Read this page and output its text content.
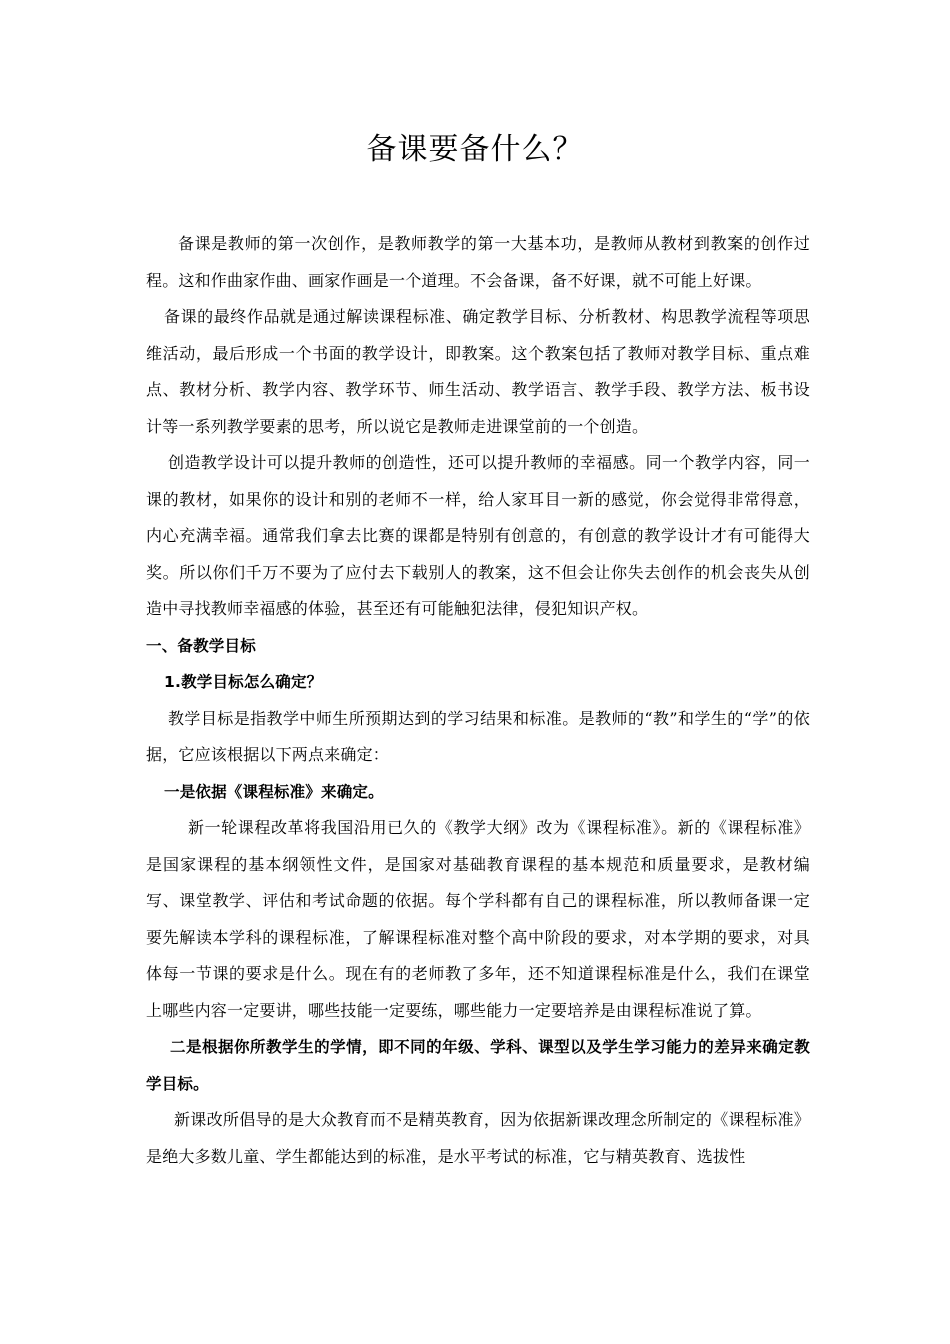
备课要备什么？

备课是教师的第一次创作，是教师教学的第一大基本功，是教师从教材到教案的创作过程。这和作曲家作曲、画家作画是一个道理。不会备课，备不好课，就不可能上好课。

备课的最终作品就是通过解读课程标准、确定教学目标、分析教材、构思教学流程等项思维活动，最后形成一个书面的教学设计，即教案。这个教案包括了教师对教学目标、重点难点、教材分析、教学内容、教学环节、师生活动、教学语言、教学手段、教学方法、板书设计等一系列教学要素的思考，所以说它是教师走进课堂前的一个创造。

创造教学设计可以提升教师的创造性，还可以提升教师的幸福感。同一个教学内容，同一课的教材，如果你的设计和别的老师不一样，给人家耳目一新的感觉，你会觉得非常得意，内心充满幸福。通常我们拿去比赛的课都是特别有创意的，有创意的教学设计才有可能得大奖。所以你们千万不要为了应付去下载别人的教案，这不但会让你失去创作的机会丧失从创造中寻找教师幸福感的体验，甚至还有可能触犯法律，侵犯知识产权。

一、备教学目标

1.教学目标怎么确定？

教学目标是指教学中师生所预期达到的学习结果和标准。是教师的“教”和学生的“学”的依据，它应该根据以下两点来确定：

一是依据《课程标准》来确定。

新一轮课程改革将我国沿用已久的《教学大纲》改为《课程标准》。新的《课程标准》是国家课程的基本纲领性文件，是国家对基础教育课程的基本规范和质量要求，是教材编写、课堂教学、评估和考试命题的依据。每个学科都有自己的课程标准，所以教师备课一定要先解读本学科的课程标准，了解课程标准对整个高中阶段的要求，对本学期的要求，对具体每一节课的要求是什么。现在有的老师教了多年，还不知道课程标准是什么，我们在课堂上哪些内容一定要讲，哪些技能一定要练，哪些能力一定要培养是由课程标准说了算。

二是根据你所教学生的学情，即不同的年级、学科、课型以及学生学习能力的差异来确定教学目标。

新课改所倡导的是大众教育而不是精英教育，因为依据新课改理念所制定的《课程标准》是绝大多数儿童、学生都能达到的标准，是水平考试的标准，它与精英教育、选拔性
